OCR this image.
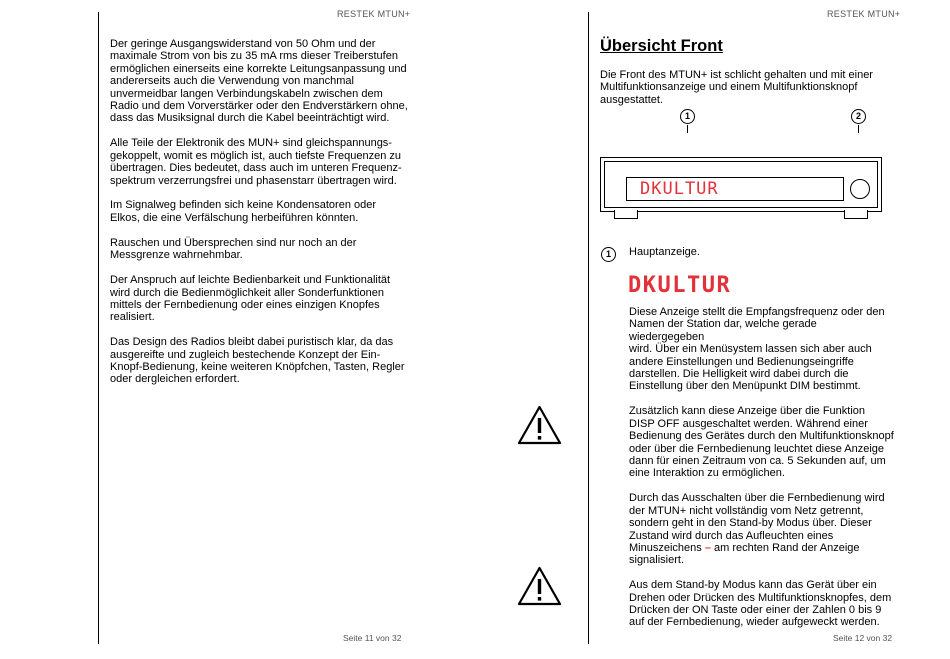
RESTEK MTUN+	RESTEK MTUN+
Seite 11 von 32	Seite 12 von 32

Der geringe Ausgangswiderstand von 50 Ohm und der
maximale Strom von bis zu 35 mA rms dieser Treiberstufen
ermöglichen einerseits eine korrekte Leitungsanpassung und
andererseits auch die Verwendung von manchmal
unvermeidbar langen Verbindungskabeln zwischen dem
Radio und dem Vorverstärker oder den Endverstärkern ohne,
dass das Musiksignal durch die Kabel beeinträchtigt wird.

Alle Teile der Elektronik des MUN+ sind gleichspannungs-
gekoppelt, womit es möglich ist, auch tiefste Frequenzen zu
übertragen. Dies bedeutet, dass auch im unteren Frequenz-
spektrum verzerrungsfrei und phasenstarr übertragen wird.

Im Signalweg befinden sich keine Kondensatoren oder
Elkos, die eine Verfälschung herbeiführen könnten.

Rauschen und Übersprechen sind nur noch an der
Messgrenze wahrnehmbar.

Der Anspruch auf leichte Bedienbarkeit und Funktionalität
wird durch die Bedienmöglichkeit aller Sonderfunktionen
mittels der Fernbedienung oder eines einzigen Knopfes
realisiert.

Das Design des Radios bleibt dabei puristisch klar, da das
ausgereifte und zugleich bestechende Konzept der Ein-
Knopf-Bedienung, keine weiteren Knöpfchen, Tasten, Regler
oder dergleichen erfordert.

Übersicht Front
Die Front des MTUN+ ist schlicht gehalten und mit einer
Multifunktionsanzeige und einem Multifunktionsknopf
ausgestattet.
1	2
DKULTUR
1	Hauptanzeige.
DKULTUR

Diese Anzeige stellt die Empfangsfrequenz oder den
Namen der Station dar, welche gerade wiedergegeben
wird. Über ein Menüsystem lassen sich aber auch
andere Einstellungen und Bedienungseingriffe
darstellen. Die Helligkeit wird dabei durch die
Einstellung über den Menüpunkt DIM bestimmt.

Zusätzlich kann diese Anzeige über die Funktion
DISP OFF ausgeschaltet werden. Während einer
Bedienung des Gerätes durch den Multifunktionsknopf
oder über die Fernbedienung leuchtet diese Anzeige
dann für einen Zeitraum von ca. 5 Sekunden auf, um
eine Interaktion zu ermöglichen.

Durch das Ausschalten über die Fernbedienung wird
der MTUN+ nicht vollständig vom Netz getrennt,
sondern geht in den Stand-by Modus über. Dieser
Zustand wird durch das Aufleuchten eines
Minuszeichens – am rechten Rand der Anzeige
signalisiert.

Aus dem Stand-by Modus kann das Gerät über ein
Drehen oder Drücken des Multifunktionsknopfes, dem
Drücken der ON Taste oder einer der Zahlen 0 bis 9
auf der Fernbedienung, wieder aufgeweckt werden.
